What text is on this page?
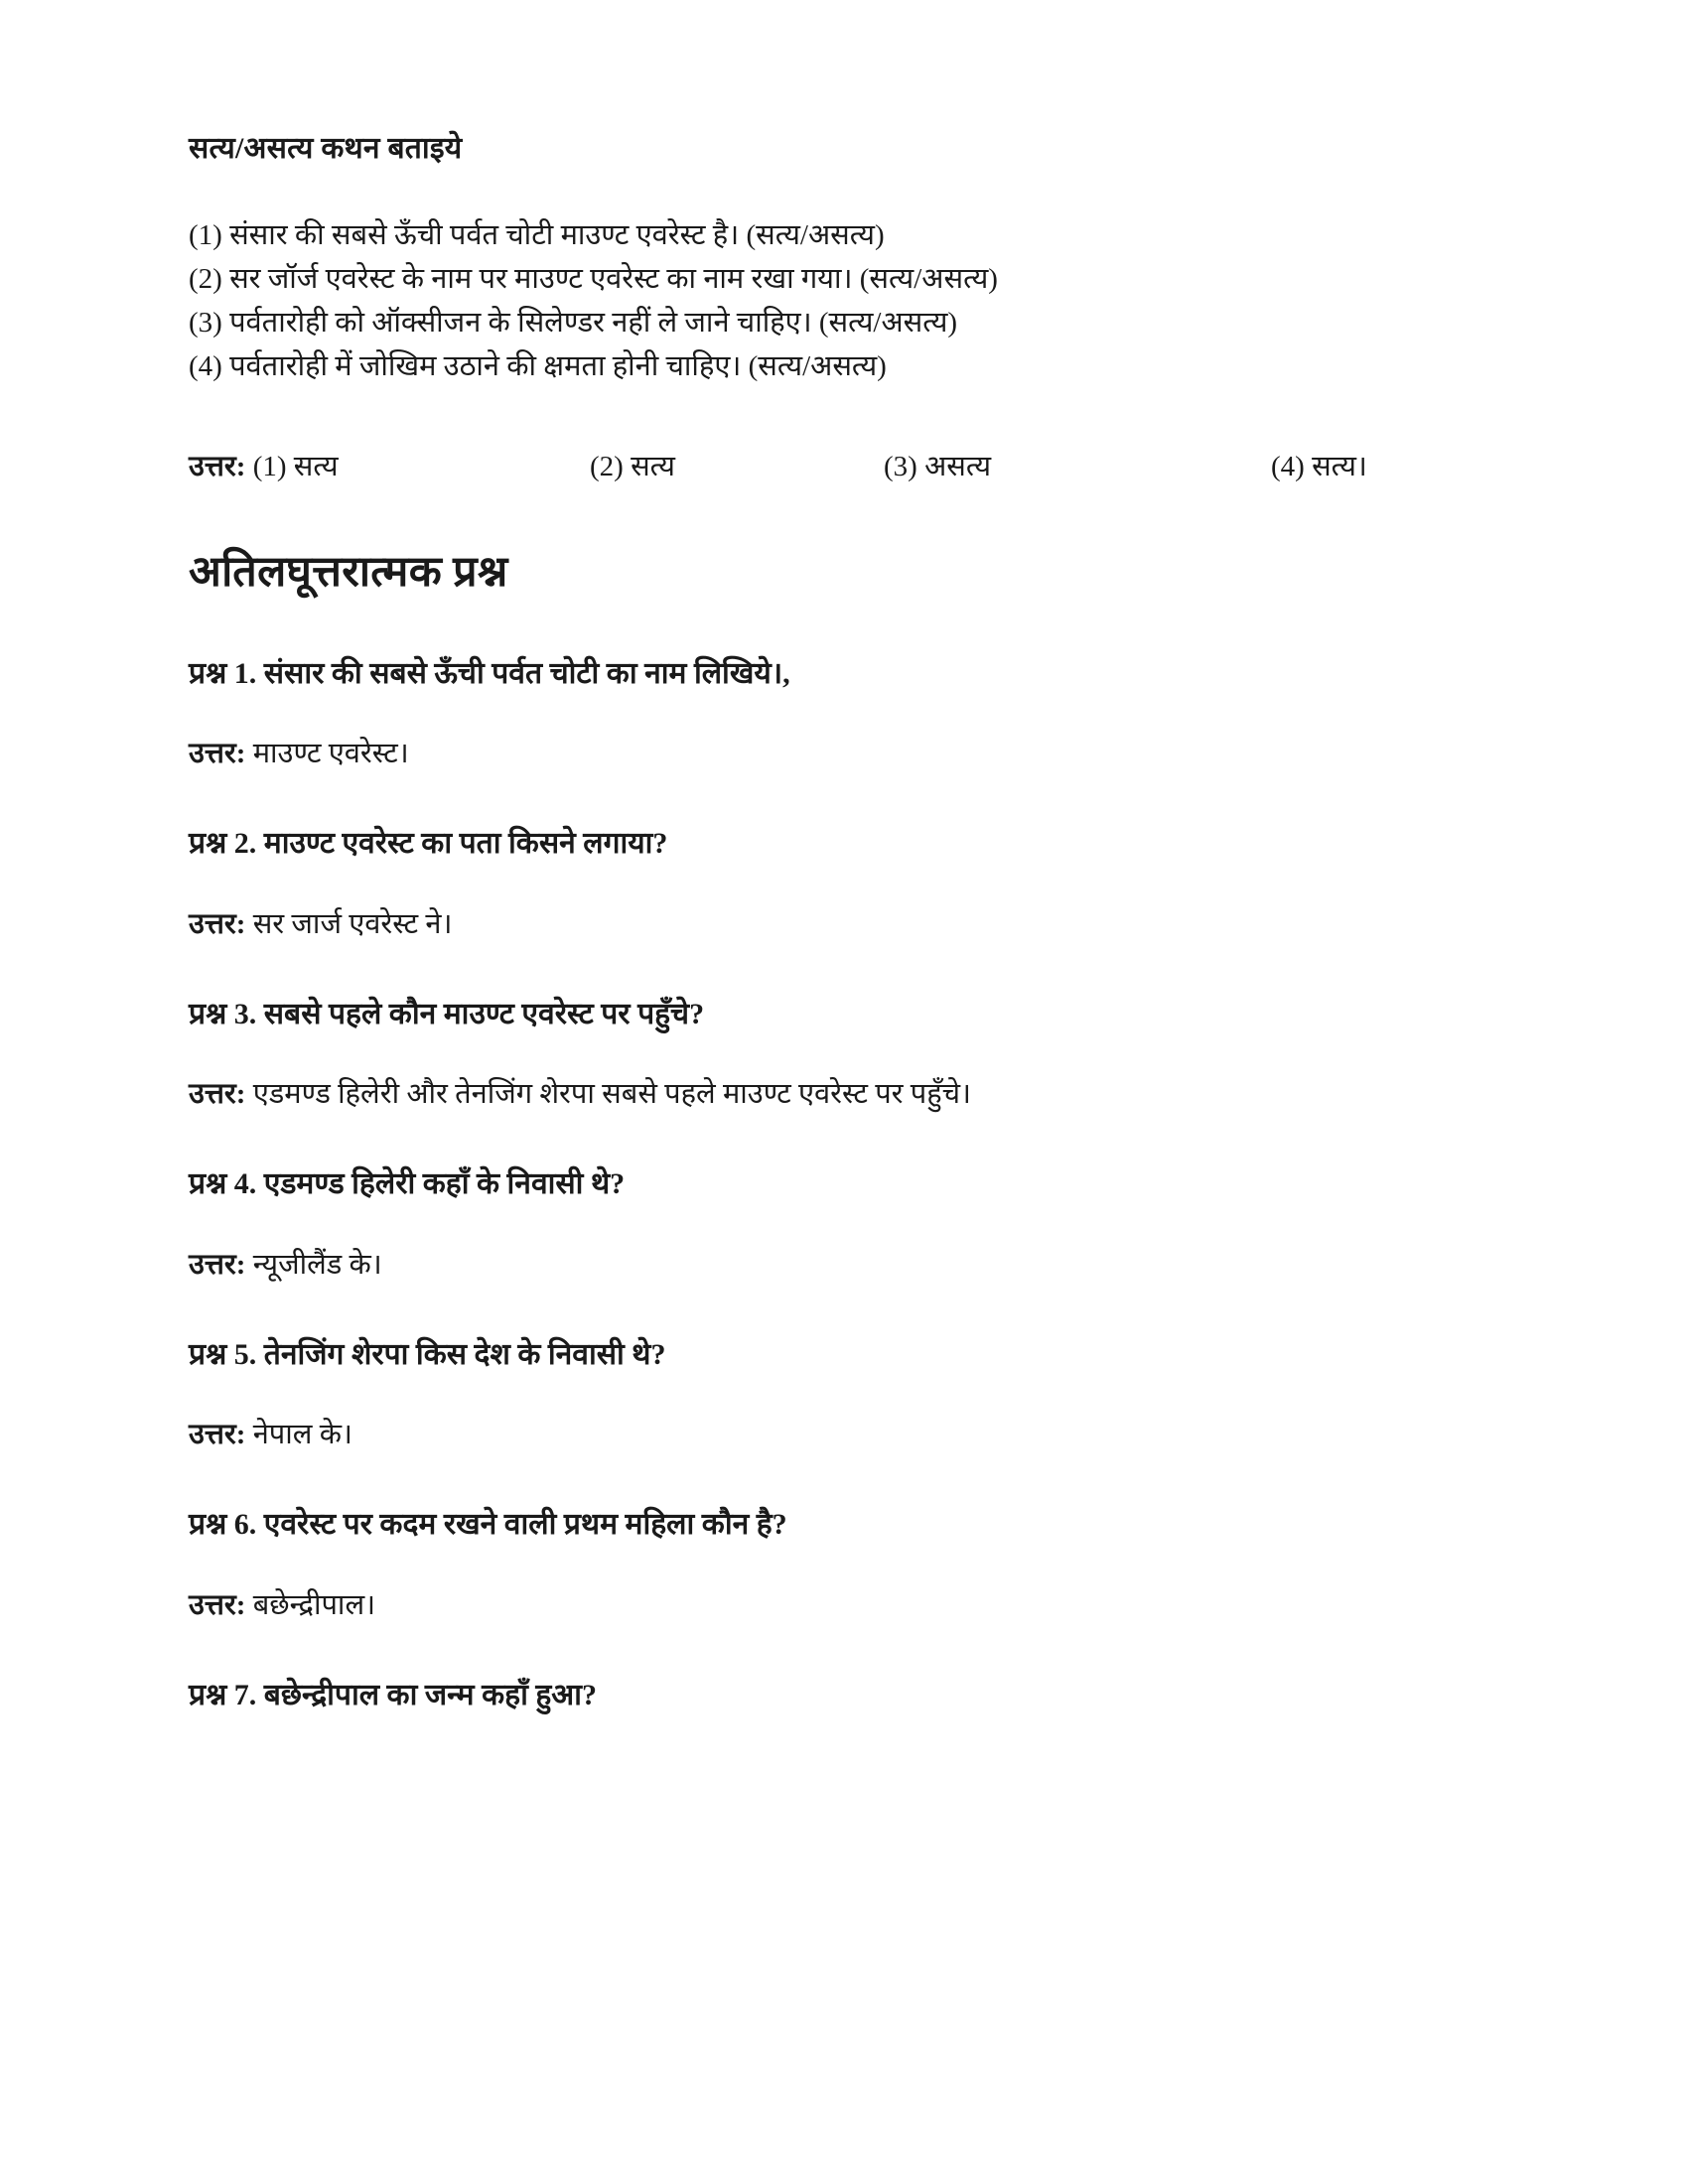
सत्य/असत्य कथन बताइये
(1) संसार की सबसे ऊँची पर्वत चोटी माउण्ट एवरेस्ट है। (सत्य/असत्य)
(2) सर जॉर्ज एवरेस्ट के नाम पर माउण्ट एवरेस्ट का नाम रखा गया। (सत्य/असत्य)
(3) पर्वतारोही को ऑक्सीजन के सिलेण्डर नहीं ले जाने चाहिए। (सत्य/असत्य)
(4) पर्वतारोही में जोखिम उठाने की क्षमता होनी चाहिए। (सत्य/असत्य)
उत्तर: (1) सत्य	(2) सत्य	(3) असत्य	(4) सत्य।
अतिलघूत्तरात्मक प्रश्न
प्रश्न 1. संसार की सबसे ऊँची पर्वत चोटी का नाम लिखिये।,
उत्तर: माउण्ट एवरेस्ट।
प्रश्न 2. माउण्ट एवरेस्ट का पता किसने लगाया?
उत्तर: सर जार्ज एवरेस्ट ने।
प्रश्न 3. सबसे पहले कौन माउण्ट एवरेस्ट पर पहुँचे?
उत्तर: एडमण्ड हिलेरी और तेनजिंग शेरपा सबसे पहले माउण्ट एवरेस्ट पर पहुँचे।
प्रश्न 4. एडमण्ड हिलेरी कहाँ के निवासी थे?
उत्तर: न्यूजीलैंड के।
प्रश्न 5. तेनजिंग शेरपा किस देश के निवासी थे?
उत्तर: नेपाल के।
प्रश्न 6. एवरेस्ट पर कदम रखने वाली प्रथम महिला कौन है?
उत्तर: बछेन्द्रीपाल।
प्रश्न 7. बछेन्द्रीपाल का जन्म कहाँ हुआ?
